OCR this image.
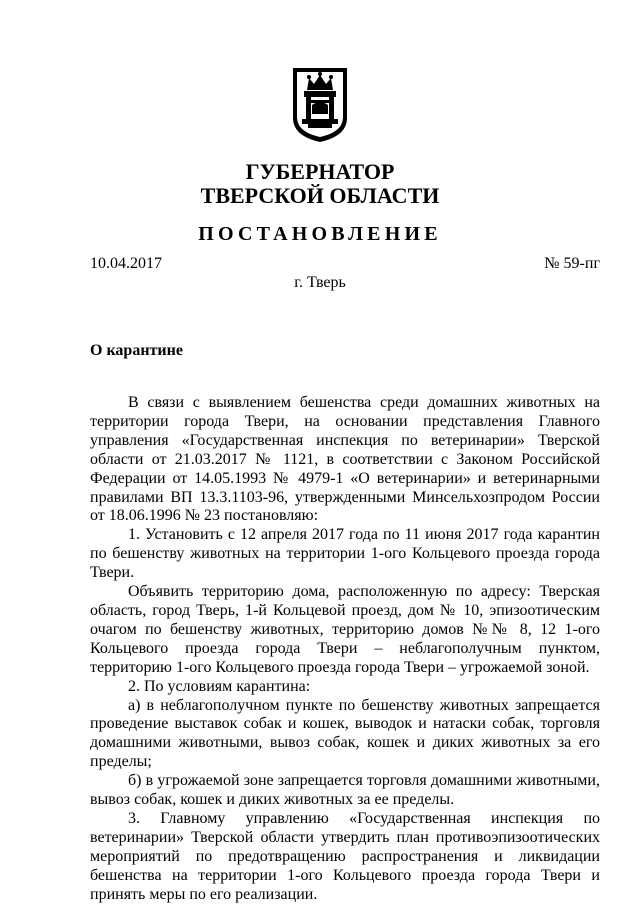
ГУБЕРНАТОР
ТВЕРСКОЙ ОБЛАСТИ
ПОСТАНОВЛЕНИЕ
10.04.2017	№ 59-пг
г. Тверь
О карантине

В связи с выявлением бешенства среди домашних животных на территории города Твери, на основании представления Главного управления «Государственная инспекция по ветеринарии» Тверской области от 21.03.2017 № 1121, в соответствии с Законом Российской Федерации от 14.05.1993 № 4979-1 «О ветеринарии» и ветеринарными правилами ВП 13.3.1103-96, утвержденными Минсельхозпродом России от 18.06.1996 № 23 постановляю:

1. Установить с 12 апреля 2017 года по 11 июня 2017 года карантин по бешенству животных на территории 1-ого Кольцевого проезда города Твери.

Объявить территорию дома, расположенную по адресу: Тверская область, город Тверь, 1-й Кольцевой проезд, дом № 10, эпизоотическим очагом по бешенству животных, территорию домов №№ 8, 12 1-ого Кольцевого проезда города Твери – неблагополучным пунктом, территорию 1-ого Кольцевого проезда города Твери – угрожаемой зоной.

2. По условиям карантина:

а) в неблагополучном пункте по бешенству животных запрещается проведение выставок собак и кошек, выводок и натаски собак, торговля домашними животными, вывоз собак, кошек и диких животных за его пределы;

б) в угрожаемой зоне запрещается торговля домашними животными, вывоз собак, кошек и диких животных за ее пределы.

3. Главному управлению «Государственная инспекция по ветеринарии» Тверской области утвердить план противоэпизоотических мероприятий по предотвращению распространения и ликвидации бешенства на территории 1-ого Кольцевого проезда города Твери и принять меры по его реализации.
